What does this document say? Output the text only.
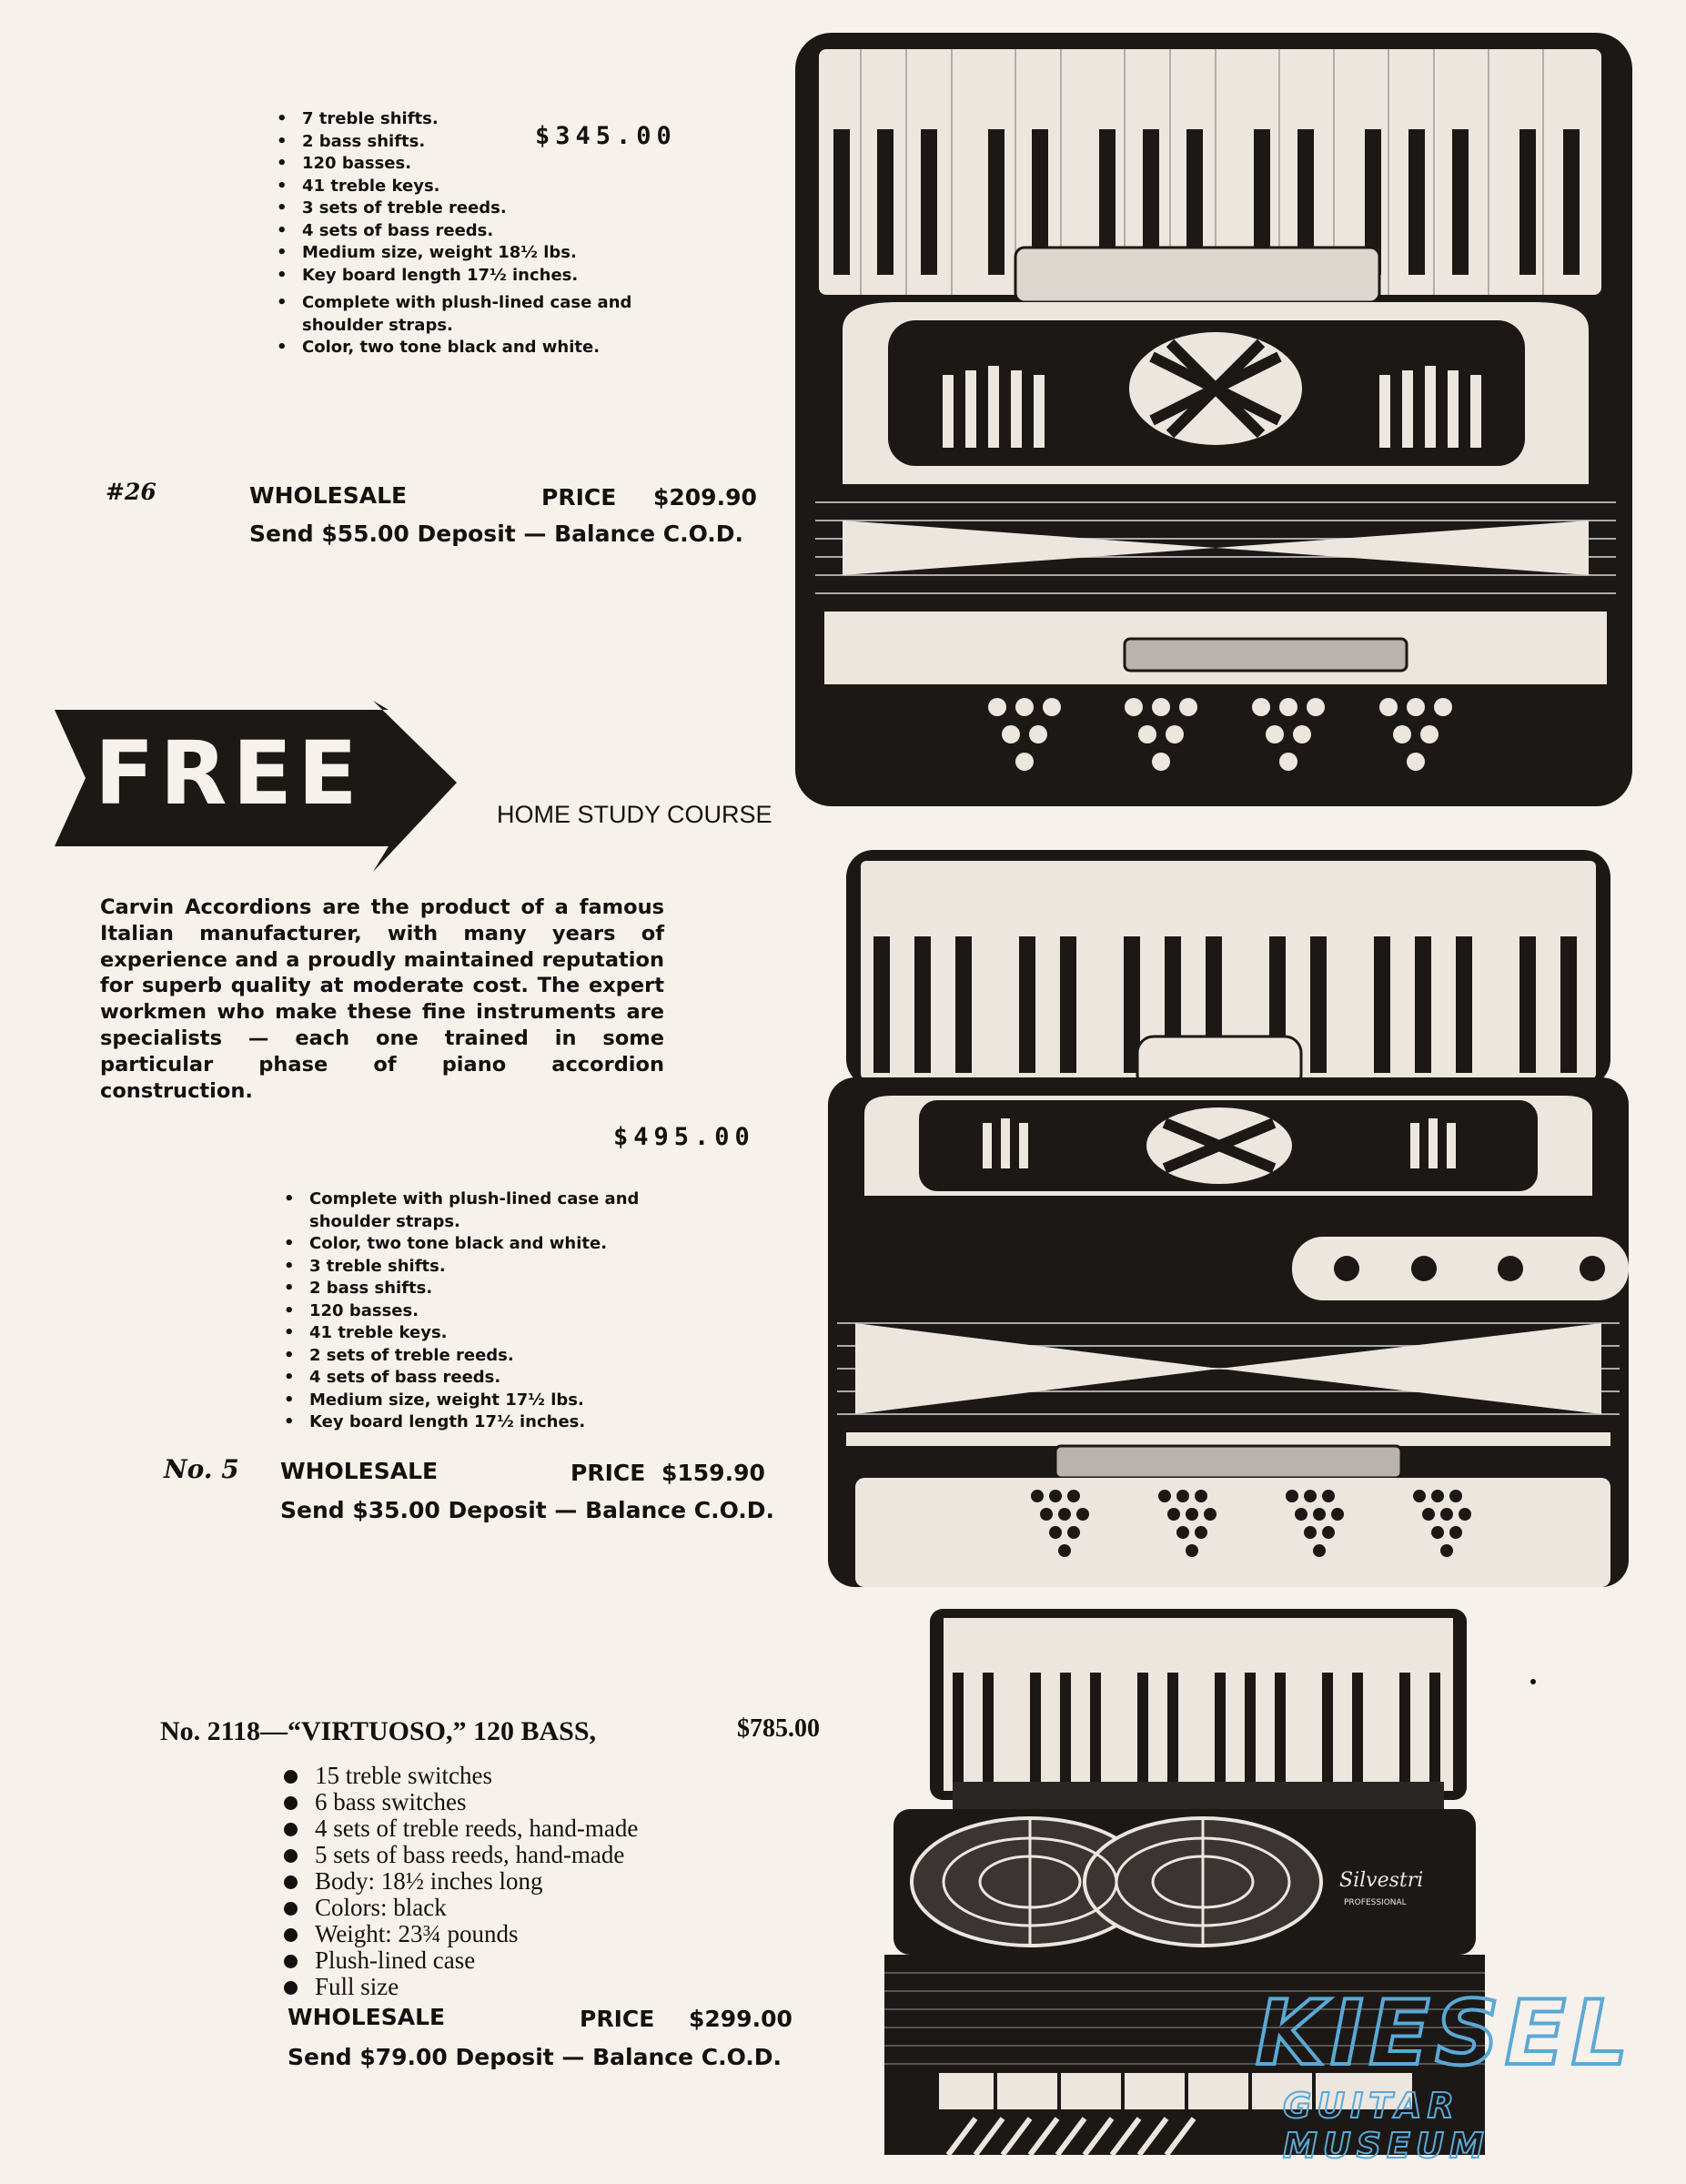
• 7 treble shifts.
• 2 bass shifts.
• 120 basses.
• 41 treble keys.
• 3 sets of treble reeds.
• 4 sets of bass reeds.
• Medium size, weight 18½ lbs.
• Key board length 17½ inches.
• Complete with plush-lined case and shoulder straps.
• Color, two tone black and white.
$345.00
#26	WHOLESALE	PRICE $209.90
Send $55.00 Deposit — Balance C.O.D.
FREE	HOME STUDY COURSE
Carvin Accordions are the product of a famous Italian manufacturer, with many years of experience and a proudly maintained reputation for superb quality at moderate cost. The expert workmen who make these fine instruments are specialists — each one trained in some particular phase of piano accordion construction.
$495.00
• Complete with plush-lined case and shoulder straps.
• Color, two tone black and white.
• 3 treble shifts.
• 2 bass shifts.
• 120 basses.
• 41 treble keys.
• 2 sets of treble reeds.
• 4 sets of bass reeds.
• Medium size, weight 17½ lbs.
• Key board length 17½ inches.
No. 5 WHOLESALE	PRICE $159.90
Send $35.00 Deposit — Balance C.O.D.
No. 2118—“VIRTUOSO,” 120 BASS,	$785.00
15 treble switches
6 bass switches
4 sets of treble reeds, hand-made
5 sets of bass reeds, hand-made
Body: 18½ inches long
Colors: black
Weight: 23¾ pounds
Plush-lined case
Full size
WHOLESALE	PRICE $299.00
Send $79.00 Deposit — Balance C.O.D.
Silvestri
PROFESSIONAL
KIESEL
GUITAR MUSEUM
